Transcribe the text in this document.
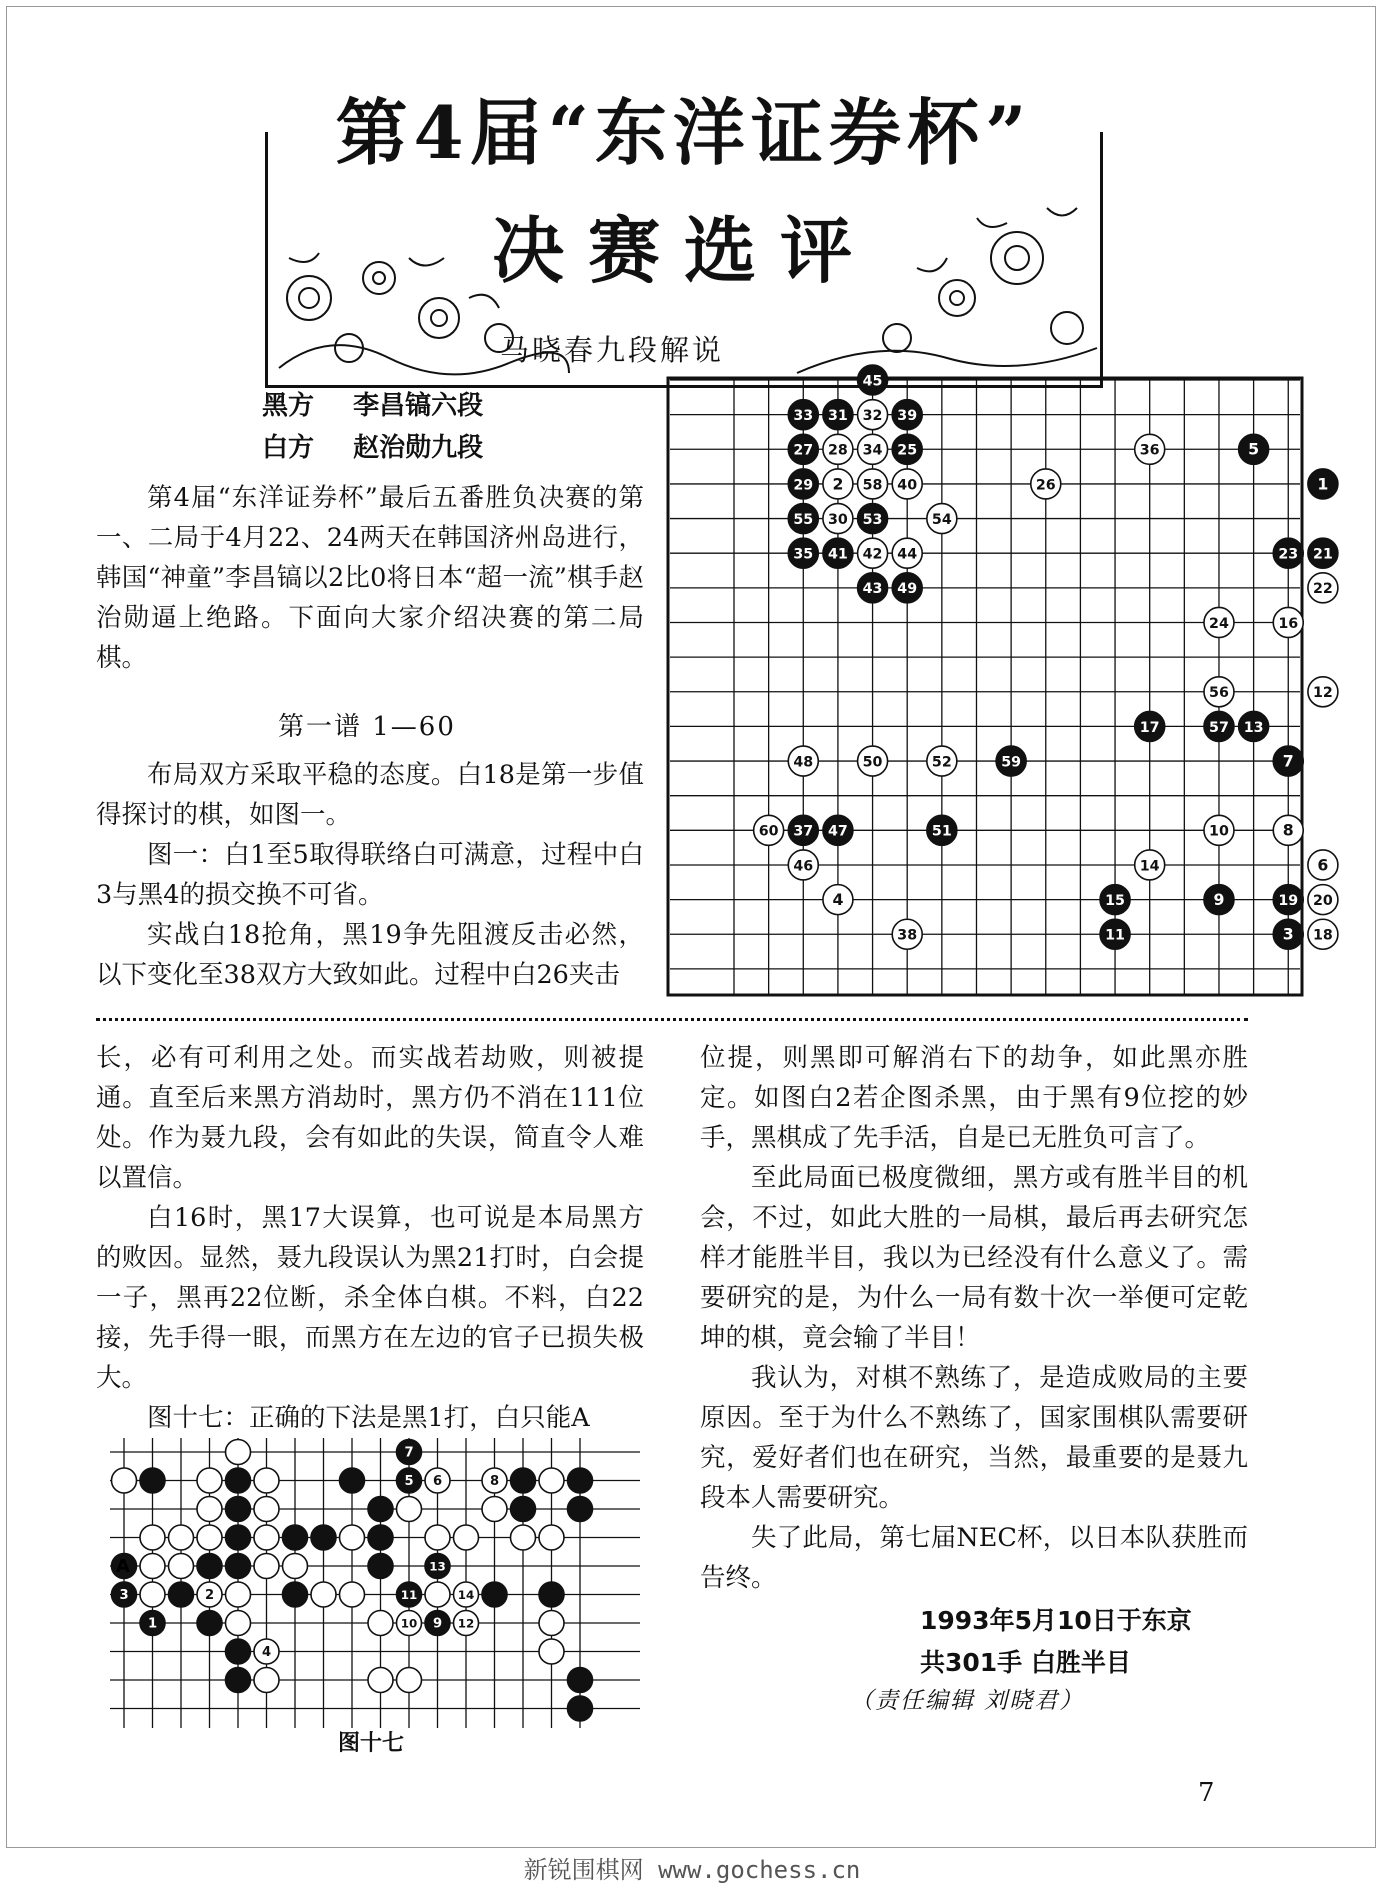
第4届“东洋证券杯”
决赛选评
马晓春九段解说
黑方 李昌镐六段
白方 赵治勋九段

第4届“东洋证券杯”最后五番胜负决赛的第一、二局于4月22、24两天在韩国济州岛进行，韩国“神童”李昌镐以2比0将日本“超一流”棋手赵治勋逼上绝路。下面向大家介绍决赛的第二局棋。

第一谱 1—60

布局双方采取平稳的态度。白18是第一步值得探讨的棋，如图一。

图一：白1至5取得联络白可满意，过程中白3与黑4的损交换不可省。

实战白18抢角，黑19争先阻渡反击必然，以下变化至38双方大致如此。过程中白26夹击

45
33 31 32 39
27 28 34 25	36	5
29 2 58 40	26	1
55 30 53	54
35 41 42 44	23 21
43 49	22
24	16
56	12
17	57 13
48	50	52	59	7
60 37 47	51	10	8
46	14	6
4	15	9	19 20
38	11	3 18

长，必有可利用之处。而实战若劫败，则被提通。直至后来黑方消劫时，黑方仍不消在111位处。作为聂九段，会有如此的失误，简直令人难以置信。

白16时，黑17大误算，也可说是本局黑方的败因。显然，聂九段误认为黑21打时，白会提一子，黑再22位断，杀全体白棋。不料，白22接，先手得一眼，而黑方在左边的官子已损失极大。

图十七：正确的下法是黑1打，白只能A

7
5 6	8
13
3	2	11	14
1	10 9 12
4
A
图十七

位提，则黑即可解消右下的劫争，如此黑亦胜定。如图白2若企图杀黑，由于黑有9位挖的妙手，黑棋成了先手活，自是已无胜负可言了。

至此局面已极度微细，黑方或有胜半目的机会，不过，如此大胜的一局棋，最后再去研究怎样才能胜半目，我以为已经没有什么意义了。需要研究的是，为什么一局有数十次一举便可定乾坤的棋，竟会输了半目！

我认为，对棋不熟练了，是造成败局的主要原因。至于为什么不熟练了，国家围棋队需要研究，爱好者们也在研究，当然，最重要的是聂九段本人需要研究。

失了此局，第七届NEC杯，以日本队获胜而告终。

1993年5月10日于东京
共301手 白胜半目
（责任编辑 刘晓君）
7
新锐围棋网 www.gochess.cn
